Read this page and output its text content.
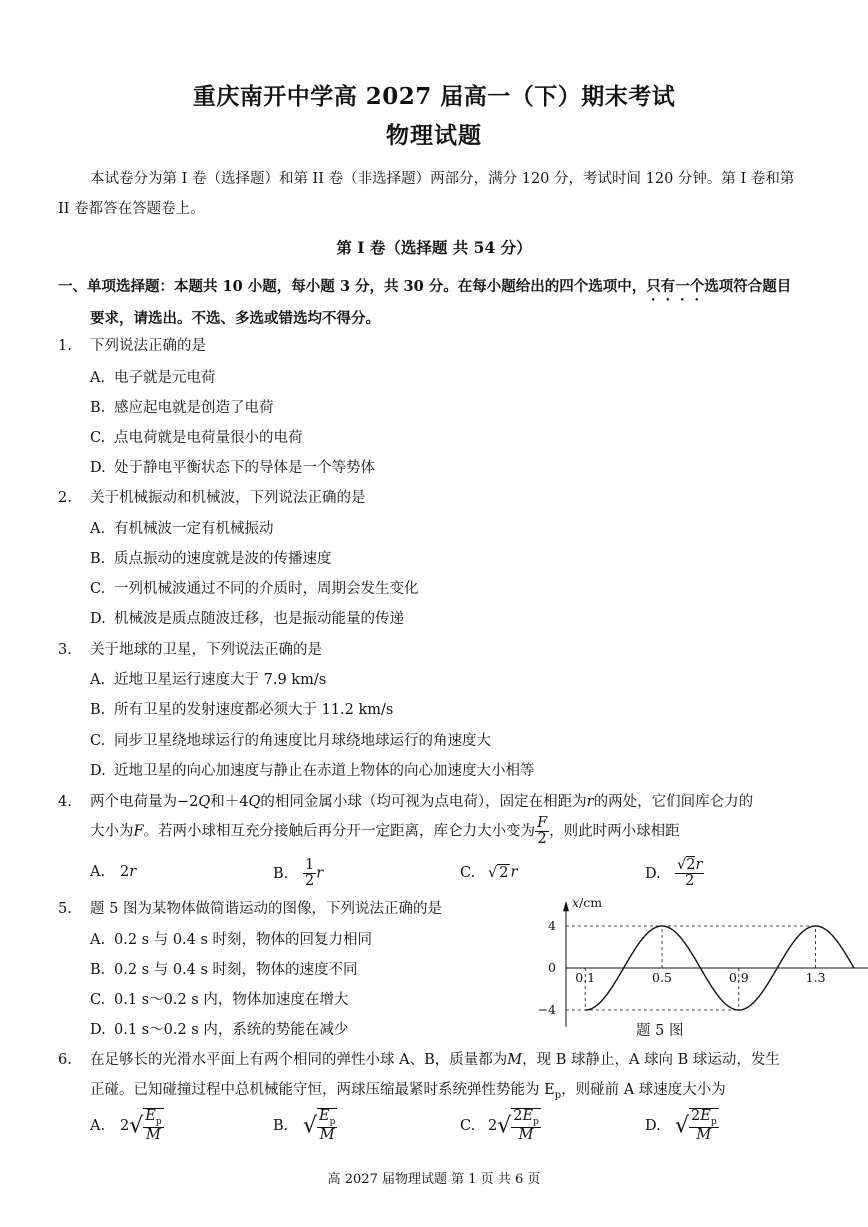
重庆南开中学高 2027 届高一（下）期末考试
物理试题
本试卷分为第 I 卷（选择题）和第 II 卷（非选择题）两部分，满分 120 分，考试时间 120 分钟。第 I 卷和第
II 卷都答在答题卷上。
第 I 卷（选择题 共 54 分）
一、单项选择题：本题共 10 小题，每小题 3 分，共 30 分。在每小题给出的四个选项中，只有一个选项符合题目
要求，请选出。不选、多选或错选均不得分。
1. 下列说法正确的是
A. 电子就是元电荷
B. 感应起电就是创造了电荷
C. 点电荷就是电荷量很小的电荷
D. 处于静电平衡状态下的导体是一个等势体
2. 关于机械振动和机械波，下列说法正确的是
A. 有机械波一定有机械振动
B. 质点振动的速度就是波的传播速度
C. 一列机械波通过不同的介质时，周期会发生变化
D. 机械波是质点随波迁移，也是振动能量的传递
3. 关于地球的卫星，下列说法正确的是
A. 近地卫星运行速度大于 7.9 km/s
B. 所有卫星的发射速度都必须大于 11.2 km/s
C. 同步卫星绕地球运行的角速度比月球绕地球运行的角速度大
D. 近地卫星的向心加速度与静止在赤道上物体的向心加速度大小相等
4. 两个电荷量为−2Q和＋4Q的相同金属小球（均可视为点电荷），固定在相距为r的两处，它们间库仑力的
大小为F。若两小球相互充分接触后再分开一定距离，库仑力大小变为 $\frac{F}{2}$ ，则此时两小球相距
A. 2r	B. $\frac{1}{2}$ r	C. √ 2 r	D. $\frac{√2r}{2}$
5. 题 5 图为某物体做简谐运动的图像，下列说法正确的是
A. 0.2 s 与 0.4 s 时刻，物体的回复力相同
B. 0.2 s 与 0.4 s 时刻，物体的速度不同
C. 0.1 s～0.2 s 内，物体加速度在增大
D. 0.1 s～0.2 s 内，系统的势能在减少
x/cm
4
0
−4
0.1	0.5	0.9	1.3
题 5 图
6. 在足够长的光滑水平面上有两个相同的弹性小球 A、B，质量都为M，现 B 球静止，A 球向 B 球运动，发生
正碰。已知碰撞过程中总机械能守恒，两球压缩最紧时系统弹性势能为 $E_p$，则碰前 A 球速度大小为
A. $2√ \frac{E_p}{M}$	B. √ $\frac{E_p}{M}$	C. $2√ \frac{2E_p}{M}$	D. √ $\frac{2E_p}{M}$
高 2027 届物理试题 第 1 页 共 6 页
